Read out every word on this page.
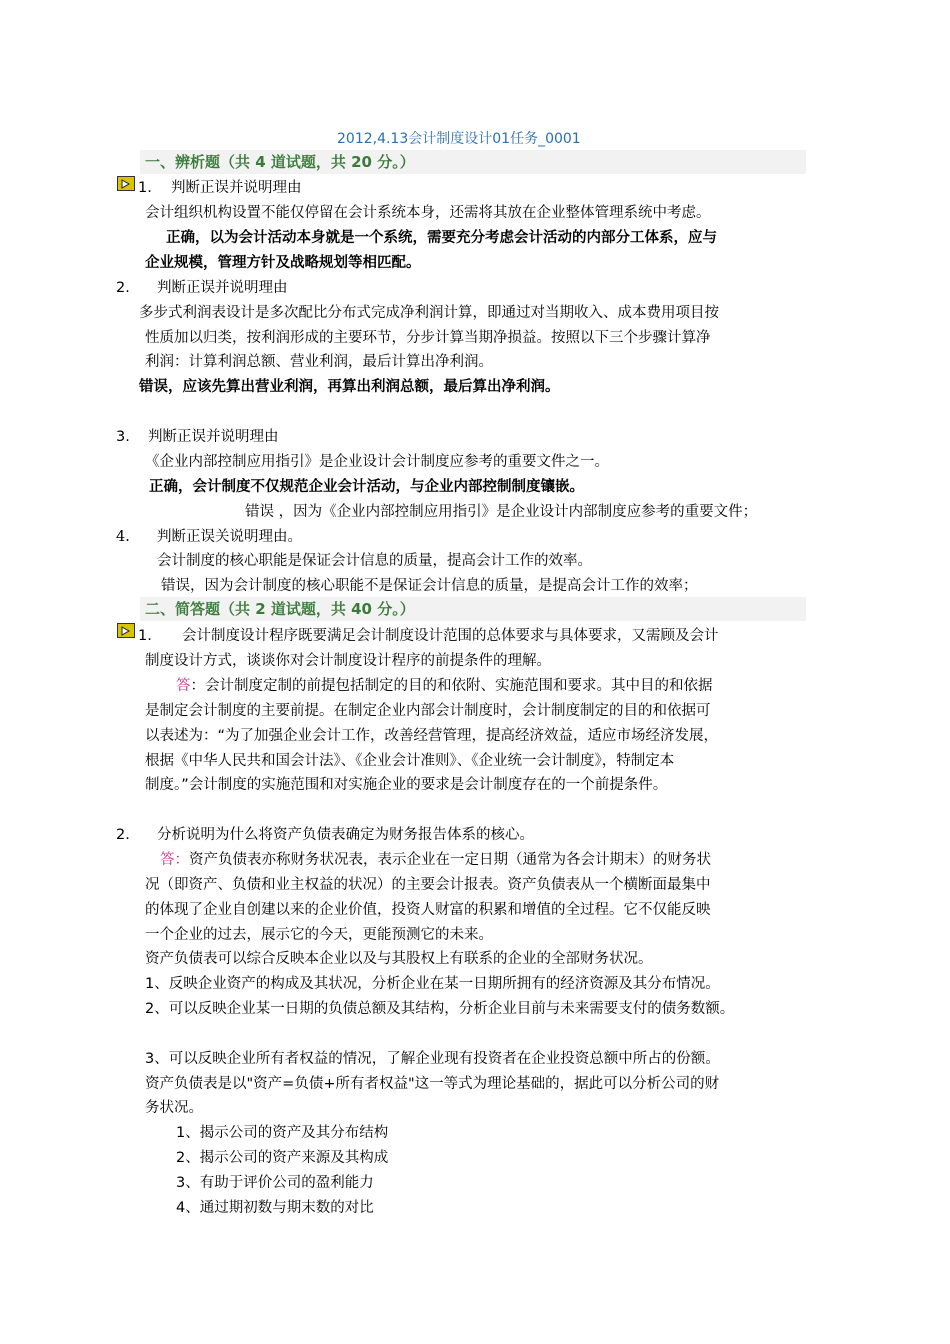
2012,4.13会计制度设计01任务_0001
一、辨析题（共 4 道试题，共 20 分。）
1. 判断正误并说明理由
会计组织机构设置不能仅停留在会计系统本身，还需将其放在企业整体管理系统中考虑。
正确，以为会计活动本身就是一个系统，需要充分考虑会计活动的内部分工体系，应与
企业规模，管理方针及战略规划等相匹配。
2. 判断正误并说明理由
多步式利润表设计是多次配比分布式完成净利润计算，即通过对当期收入、成本费用项目按
性质加以归类，按利润形成的主要环节，分步计算当期净损益。按照以下三个步骤计算净
利润：计算利润总额、营业利润，最后计算出净利润。
错误，应该先算出营业利润，再算出利润总额，最后算出净利润。
3. 判断正误并说明理由
《企业内部控制应用指引》是企业设计会计制度应参考的重要文件之一。
正确，会计制度不仅规范企业会计活动，与企业内部控制制度镶嵌。
错误 ，因为《企业内部控制应用指引》是企业设计内部制度应参考的重要文件；
4. 判断正误关说明理由。
会计制度的核心职能是保证会计信息的质量，提高会计工作的效率。
错误，因为会计制度的核心职能不是保证会计信息的质量，是提高会计工作的效率；
二、简答题（共 2 道试题，共 40 分。）
1. 会计制度设计程序既要满足会计制度设计范围的总体要求与具体要求，又需顾及会计
制度设计方式，谈谈你对会计制度设计程序的前提条件的理解。
答：会计制度定制的前提包括制定的目的和依附、实施范围和要求。其中目的和依据
是制定会计制度的主要前提。在制定企业内部会计制度时，会计制度制定的目的和依据可
以表述为：“为了加强企业会计工作，改善经营管理，提高经济效益，适应市场经济发展，
根据《中华人民共和国会计法》、《企业会计准则》、《企业统一会计制度》，特制定本
制度。”会计制度的实施范围和对实施企业的要求是会计制度存在的一个前提条件。
2. 分析说明为什么将资产负债表确定为财务报告体系的核心。
答：资产负债表亦称财务状况表，表示企业在一定日期（通常为各会计期末）的财务状
况（即资产、负债和业主权益的状况）的主要会计报表。资产负债表从一个横断面最集中
的体现了企业自创建以来的企业价值，投资人财富的积累和增值的全过程。它不仅能反映
一个企业的过去，展示它的今天，更能预测它的未来。
资产负债表可以综合反映本企业以及与其股权上有联系的企业的全部财务状况。
1、反映企业资产的构成及其状况，分析企业在某一日期所拥有的经济资源及其分布情况。
2、可以反映企业某一日期的负债总额及其结构，分析企业目前与未来需要支付的债务数额。
3、可以反映企业所有者权益的情况，了解企业现有投资者在企业投资总额中所占的份额。
资产负债表是以"资产=负债+所有者权益"这一等式为理论基础的，据此可以分析公司的财
务状况。
1、揭示公司的资产及其分布结构
2、揭示公司的资产来源及其构成
3、有助于评价公司的盈利能力
4、通过期初数与期末数的对比
